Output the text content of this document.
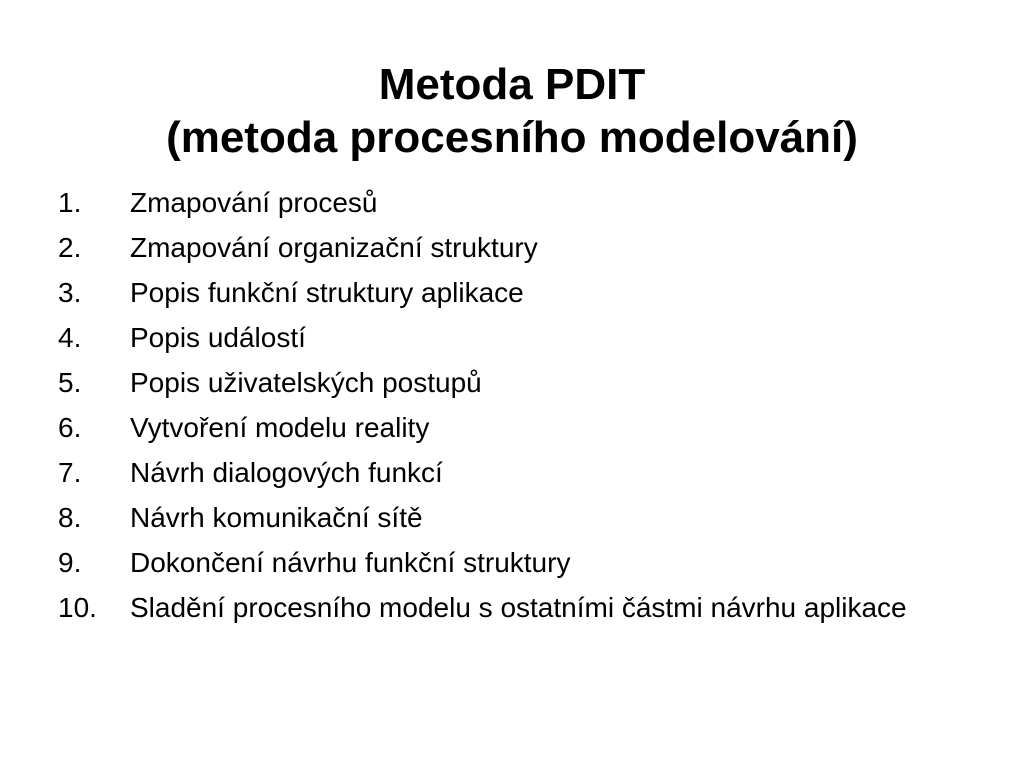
Metoda PDIT
(metoda procesního modelování)
1.	Zmapování procesů
2.	Zmapování organizační struktury
3.	Popis funkční struktury aplikace
4.	Popis událostí
5.	Popis uživatelských postupů
6.	Vytvoření modelu reality
7.	Návrh dialogových funkcí
8.	Návrh komunikační sítě
9.	Dokončení návrhu funkční struktury
10.	Sladění procesního modelu s ostatními částmi návrhu aplikace
